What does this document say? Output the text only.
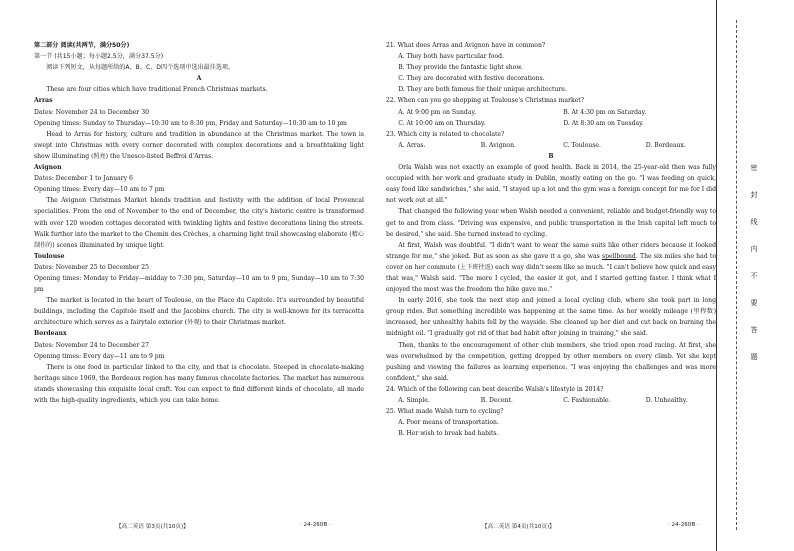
第二部分 阅读(共两节，满分50分)

第一节 (共15小题；每小题2.5分，满分37.5分)

阅读下列短文，从每题所给的A、B、C、D四个选项中选出最佳选项。

A

These are four cities which have traditional French Christmas markets.

Arras

Dates: November 24 to December 30

Opening times: Sunday to Thursday—10:30 am to 8:30 pm, Friday and Saturday—10:30 am to 10 pm

Head to Arras for history, culture and tradition in abundance at the Christmas market. The town is swept into Christmas with every corner decorated with complex decorations and a breathtaking light show illuminating (照亮) the Unesco-listed Beffroi d'Arras.

Avignon

Dates: December 1 to January 6

Opening times: Every day—10 am to 7 pm

The Avignon Christmas Market blends tradition and festivity with the addition of local Provencal specialities. From the end of November to the end of December, the city's historic centre is transformed with over 120 wooden cottages decorated with twinkling lights and festive decorations lining the streets. Walk further into the market to the Chemin des Crèches, a charming light trail showcasing elaborate (精心制作的) scenes illuminated by unique light.

Toulouse

Dates: November 25 to December 25

Opening times: Monday to Friday—midday to 7:30 pm, Saturday—10 am to 9 pm, Sunday—10 am to 7:30 pm

The market is located in the heart of Toulouse, on the Place du Capitole. It's surrounded by beautiful buildings, including the Capitole itself and the Jacobins church. The city is well-known for its terracotta architecture which serves as a fairytale exterior (外观) to their Christmas market.

Bordeaux

Dates: November 24 to December 27

Opening times: Every day—11 am to 9 pm

There is one food in particular linked to the city, and that is chocolate. Steeped in chocolate-making heritage since 1969, the Bordeaux region has many famous chocolate factories. The market has numerous stands showcasing this exquisite local craft. You can expect to find different kinds of chocolate, all made with the high-quality ingredients, which you can take home.

【高二英语 第3页(共10页)】	· 24-260B ·

21. What does Arras and Avignon have in common?

A. They both have particular food.

B. They provide the fantastic light show.

C. They are decorated with festive decorations.

D. They are both famous for their unique architecture.

22. When can you go shopping at Toulouse's Christmas market?

A. At 9:00 pm on Sunday.	B. At 4:30 pm on Saturday.

C. At 10:00 am on Thursday.	D. At 8:30 am on Tuesday.

23. Which city is related to chocolate?

A. Arras.	B. Avignon.	C. Toulouse.	D. Bordeaux.

B

Orla Walsh was not exactly an example of good health. Back in 2014, the 25-year-old then was fully occupied with her work and graduate study in Dublin, mostly eating on the go. "I was feeding on quick, easy food like sandwiches," she said. "I stayed up a lot and the gym was a foreign concept for me for I did not work out at all."

That changed the following year when Walsh needed a convenient, reliable and budget-friendly way to get to and from class. "Driving was expensive, and public transportation in the Irish capital left much to be desired," she said. She turned instead to cycling.

At first, Walsh was doubtful. "I didn't want to wear the same suits like other riders because it looked strange for me," she joked. But as soon as she gave it a go, she was spellbound. The six miles she had to cover on her commute (上下班往返) each way didn't seem like so much. "I can't believe how quick and easy that was," Walsh said. "The more I cycled, the easier it got, and I started getting faster. I think what I enjoyed the most was the freedom the bike gave me."

In early 2016, she took the next step and joined a local cycling club, where she took part in long group rides. But something incredible was happening at the same time. As her weekly mileage (里程数) increased, her unhealthy habits fell by the wayside. She cleaned up her diet and cut back on burning the midnight oil. "I gradually got rid of that bad habit after joining in training," she said.

Then, thanks to the encouragement of other club members, she tried open road racing. At first, she was overwhelmed by the competition, getting dropped by other members on every climb. Yet she kept pushing and viewing the failures as learning experience. "I was enjoying the challenges and was more confident," she said.

24. Which of the following can best describe Walsh's lifestyle in 2014?

A. Simple.	B. Decent.	C. Fashionable.	D. Unhealthy.

25. What made Walsh turn to cycling?

A. Poor means of transportation.

B. Her wish to break bad habits.

【高二英语 第4页(共10页)】	· 24-260B ·
密
封
线
内
不
要
答
题
